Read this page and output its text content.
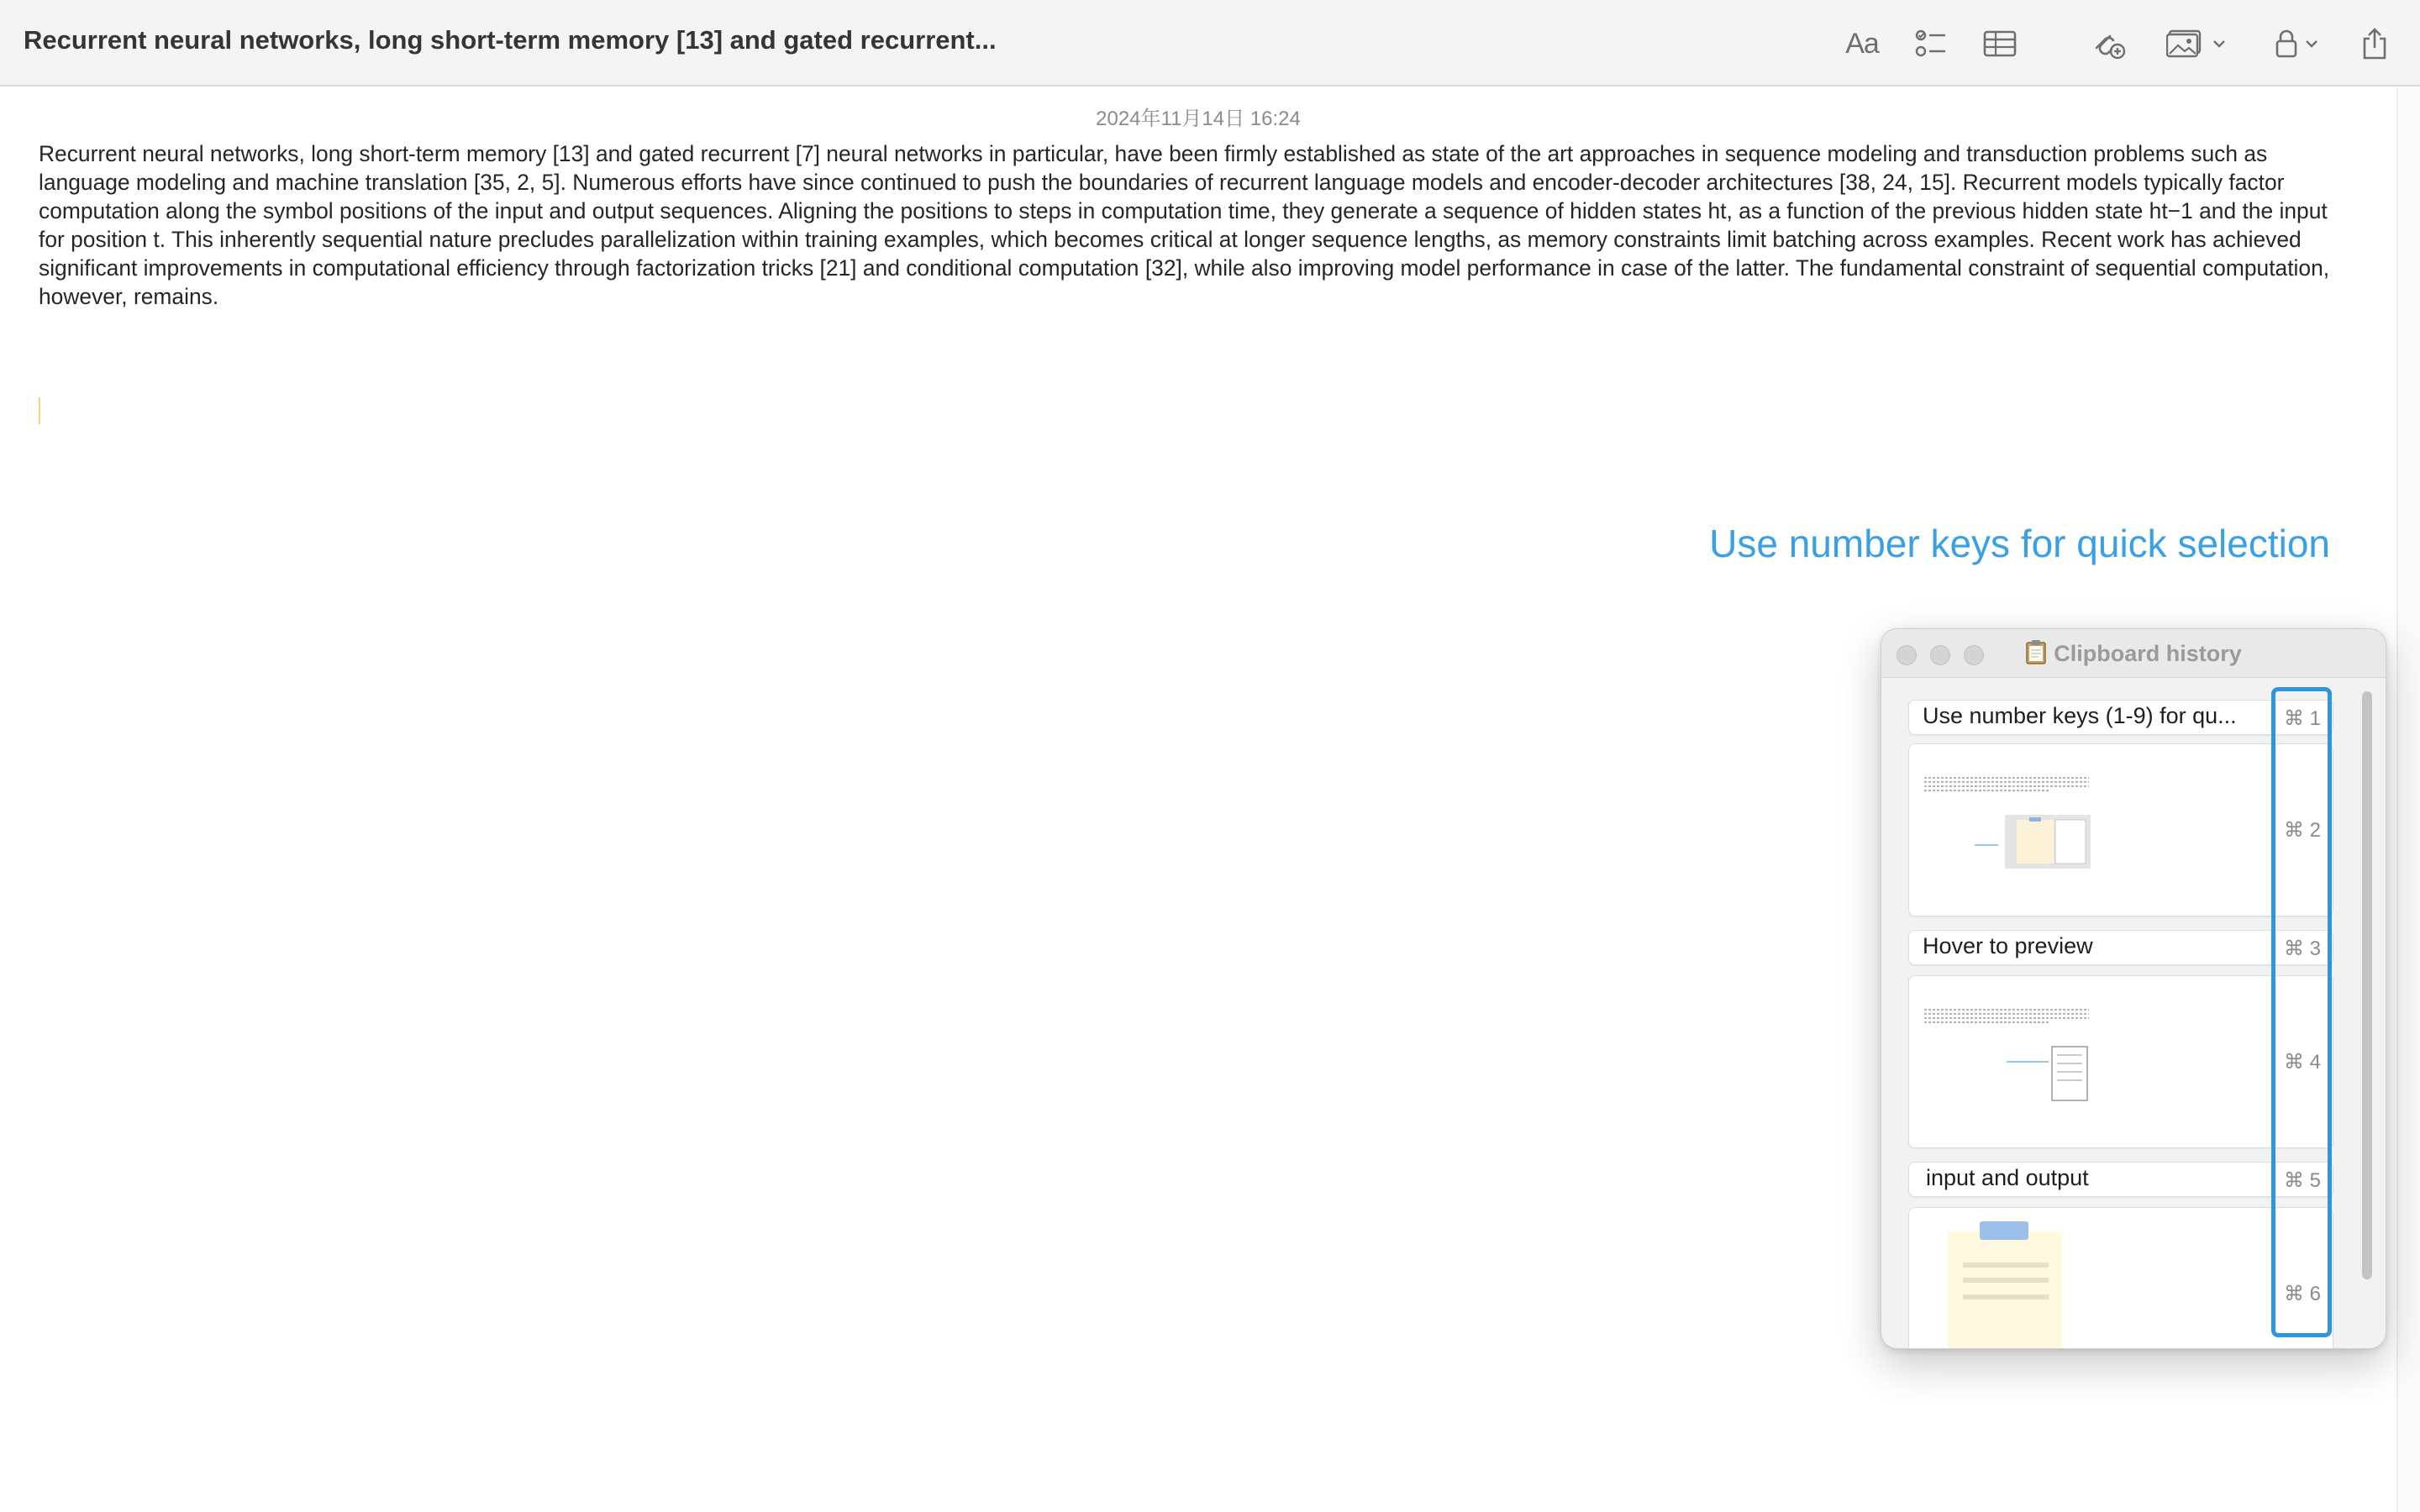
Recurrent neural networks, long short-term memory [13] and gated recurrent...	Aa
2024年11月14日 16:24
Recurrent neural networks, long short-term memory [13] and gated recurrent [7] neural networks in particular, have been firmly established as state of the art approaches in sequence modeling and transduction problems such as language modeling and machine translation [35, 2, 5]. Numerous efforts have since continued to push the boundaries of recurrent language models and encoder-decoder architectures [38, 24, 15]. Recurrent models typically factor computation along the symbol positions of the input and output sequences. Aligning the positions to steps in computation time, they generate a sequence of hidden states ht, as a function of the previous hidden state ht−1 and the input for position t. This inherently sequential nature precludes parallelization within training examples, which becomes critical at longer sequence lengths, as memory constraints limit batching across examples. Recent work has achieved significant improvements in computational efficiency through factorization tricks [21] and conditional computation [32], while also improving model performance in case of the latter. The fundamental constraint of sequential computation, however, remains.
Use number keys for quick selection
Clipboard history
Use number keys (1-9) for qu...	⌘ 1
⌘ 2
Hover to preview	⌘ 3
⌘ 4
input and output	⌘ 5
⌘ 6
